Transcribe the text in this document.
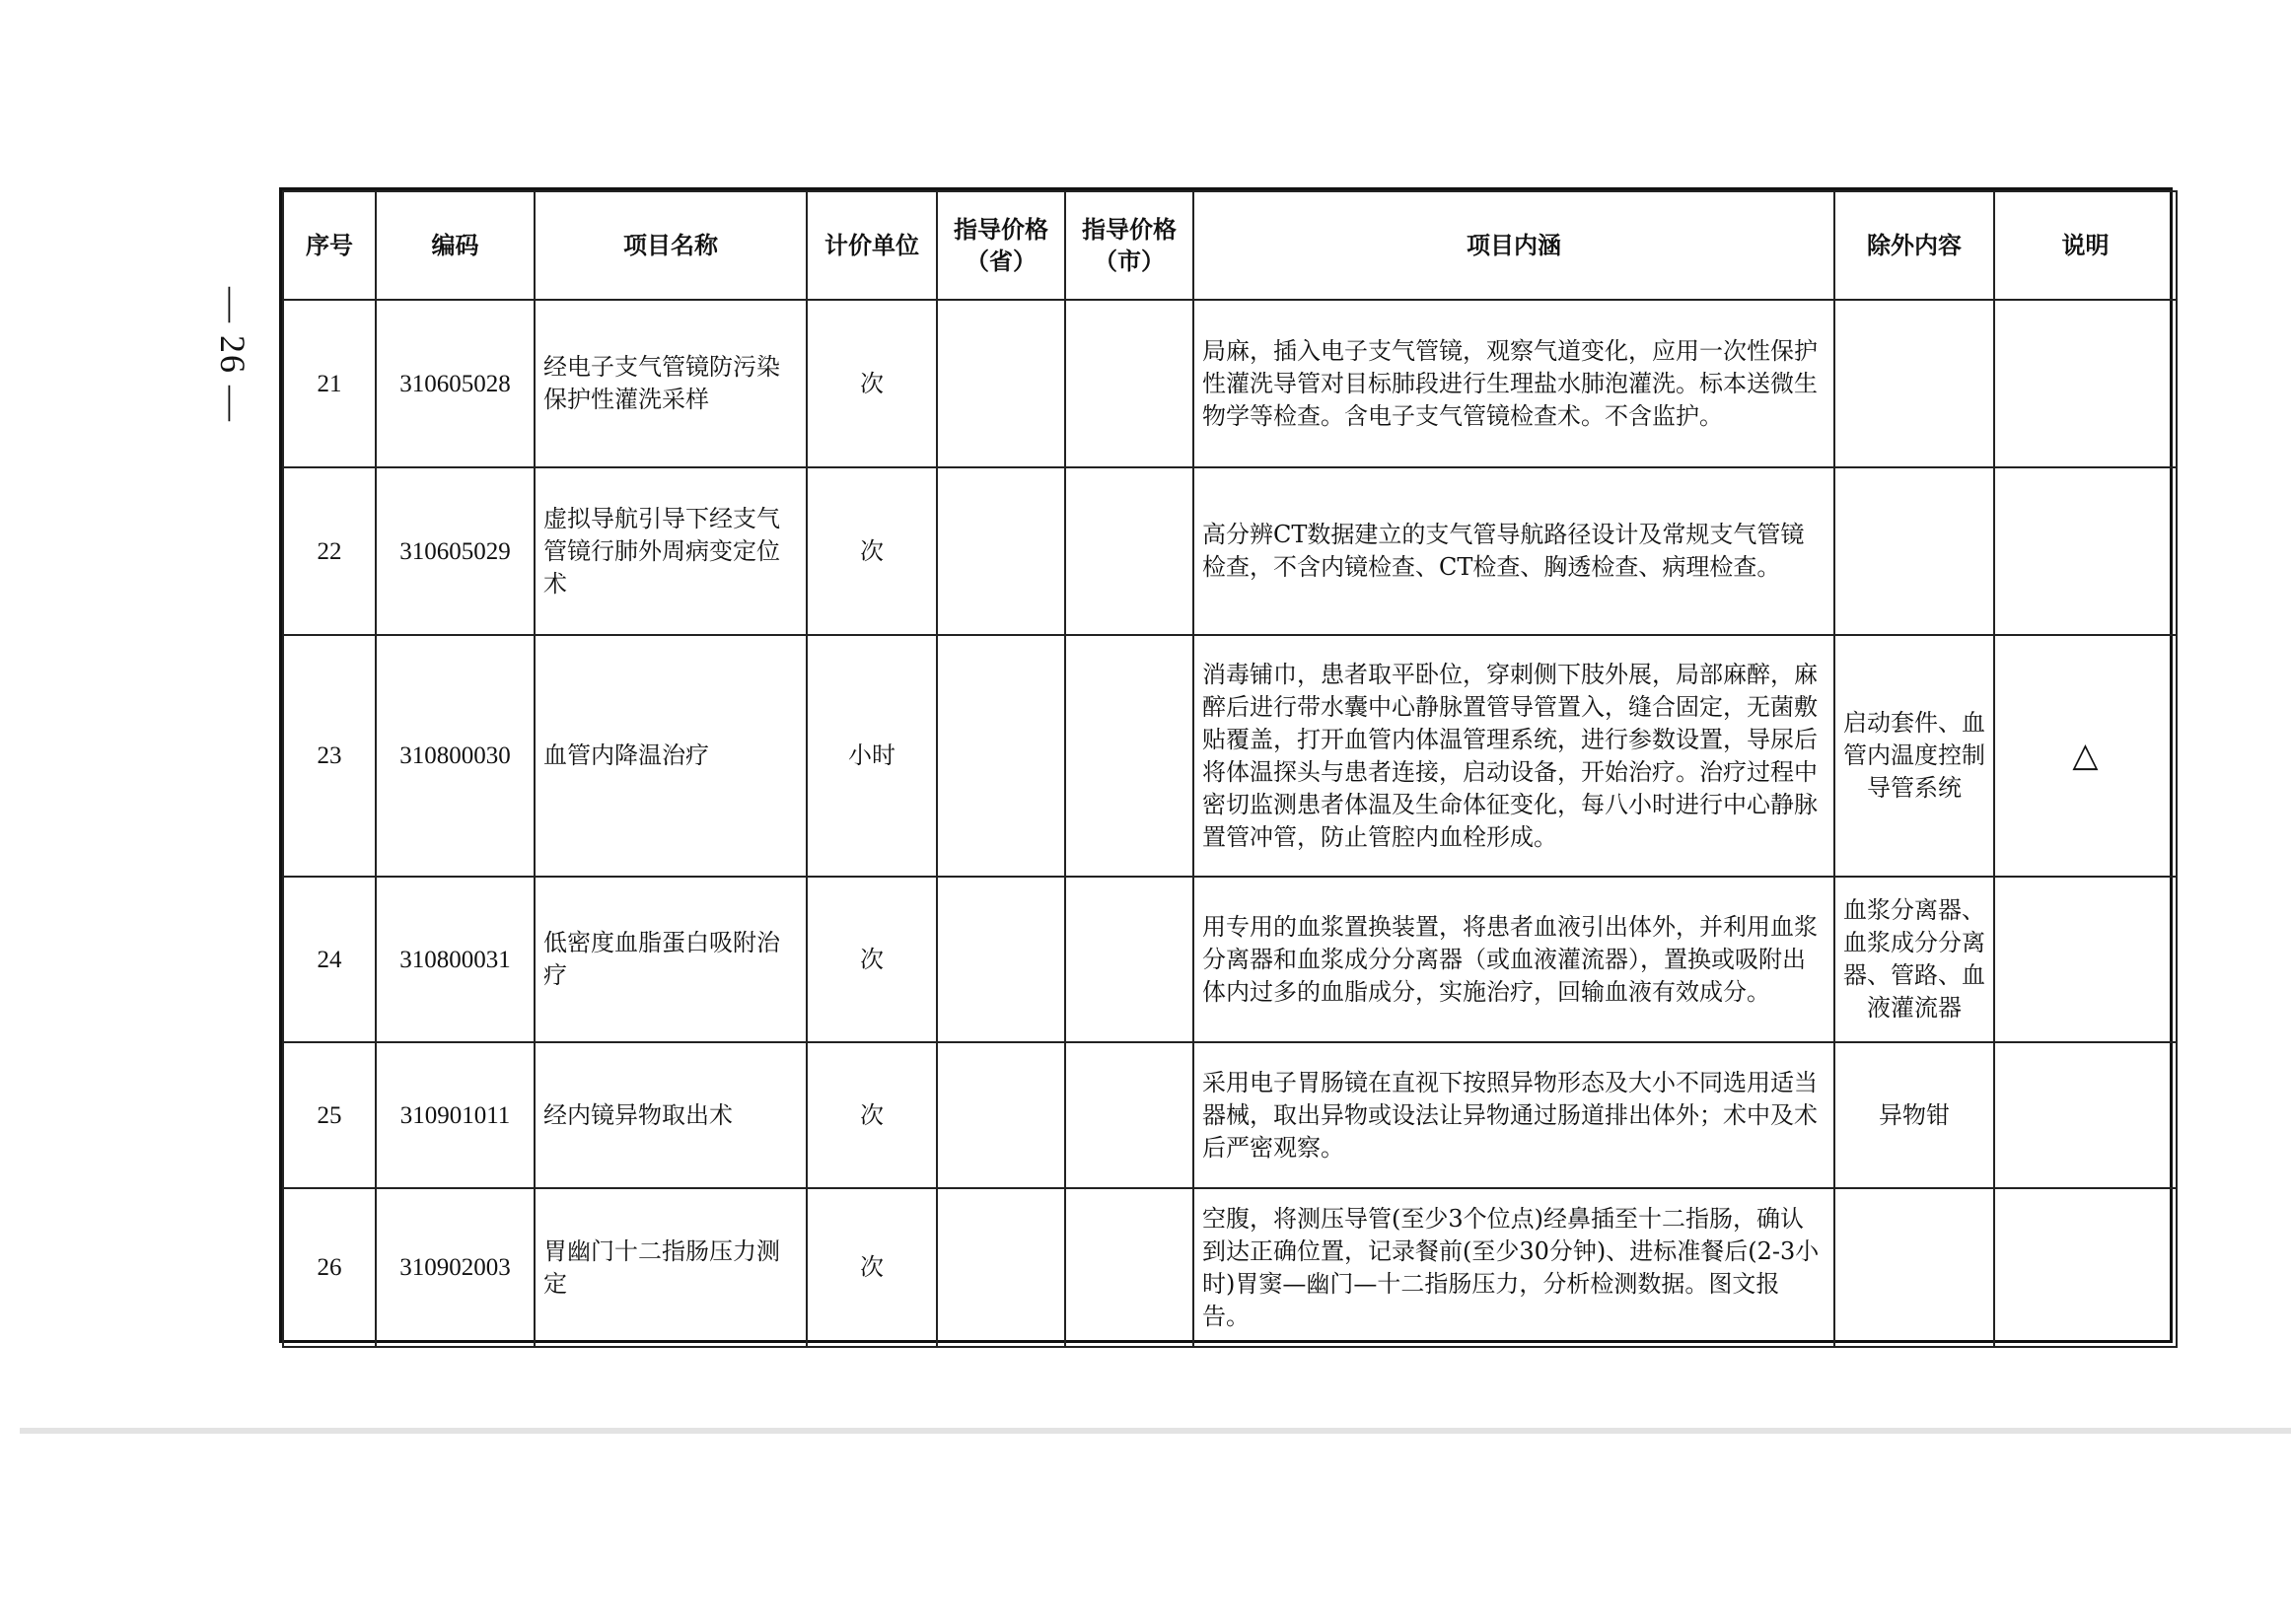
— 26 —
序号	编码	项目名称	计价单位	指导价格（省）	指导价格（市）	项目内涵	除外内容	说明
21	310605028	经电子支气管镜防污染保护性灌洗采样	次			局麻，插入电子支气管镜，观察气道变化，应用一次性保护性灌洗导管对目标肺段进行生理盐水肺泡灌洗。标本送微生物学等检查。含电子支气管镜检查术。不含监护。		
22	310605029	虚拟导航引导下经支气管镜行肺外周病变定位术	次			高分辨CT数据建立的支气管导航路径设计及常规支气管镜检查，不含内镜检查、CT检查、胸透检查、病理检查。		
23	310800030	血管内降温治疗	小时			消毒铺巾，患者取平卧位，穿刺侧下肢外展，局部麻醉，麻醉后进行带水囊中心静脉置管导管置入，缝合固定，无菌敷贴覆盖，打开血管内体温管理系统，进行参数设置，导尿后将体温探头与患者连接，启动设备，开始治疗。治疗过程中密切监测患者体温及生命体征变化，每八小时进行中心静脉置管冲管，防止管腔内血栓形成。	启动套件、血管内温度控制导管系统	△
24	310800031	低密度血脂蛋白吸附治疗	次			用专用的血浆置换装置，将患者血液引出体外，并利用血浆分离器和血浆成分分离器（或血液灌流器），置换或吸附出体内过多的血脂成分，实施治疗，回输血液有效成分。	血浆分离器、血浆成分分离器、管路、血液灌流器	
25	310901011	经内镜异物取出术	次			采用电子胃肠镜在直视下按照异物形态及大小不同选用适当器械，取出异物或设法让异物通过肠道排出体外；术中及术后严密观察。	异物钳	
26	310902003	胃幽门十二指肠压力测定	次			空腹，将测压导管(至少3个位点)经鼻插至十二指肠，确认到达正确位置，记录餐前(至少30分钟)、进标准餐后(2-3小时)胃窦—幽门—十二指肠压力，分析检测数据。图文报告。		
